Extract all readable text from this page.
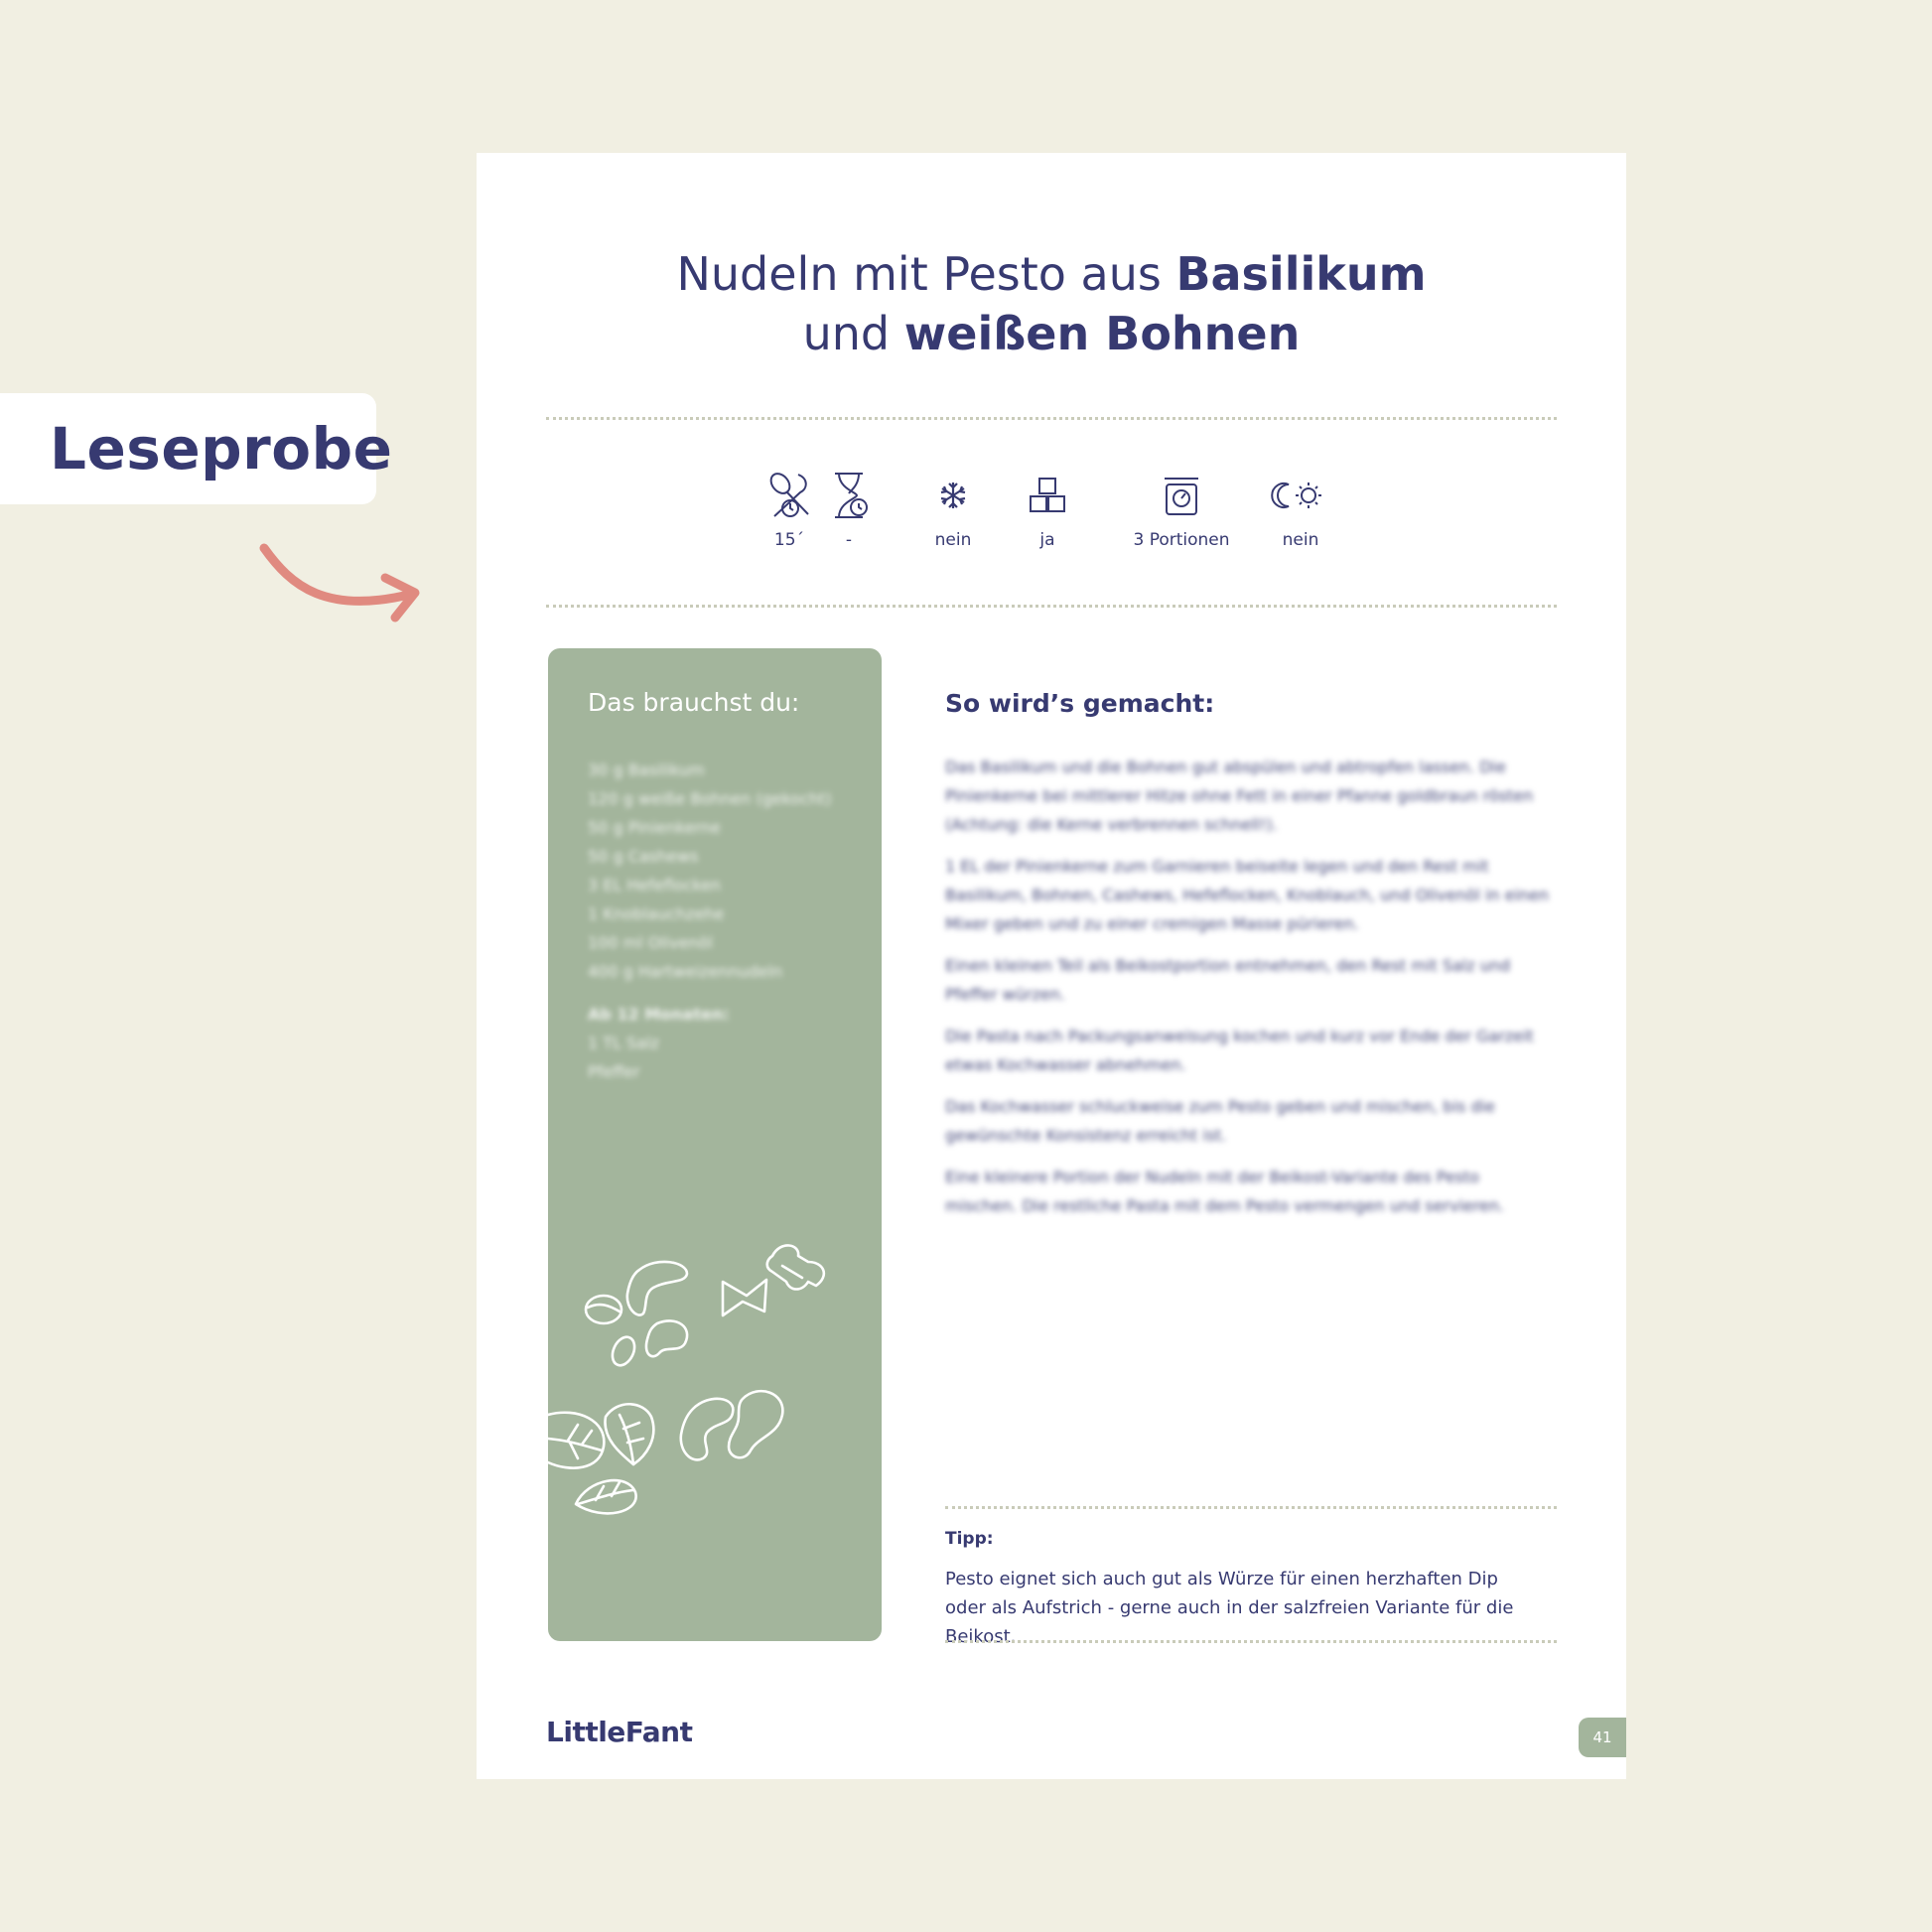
Leseprobe
Nudeln mit Pesto aus Basilikum
und weißen Bohnen
15´	-	nein	ja	3 Portionen	nein
Das brauchst du:
30 g Basilikum
120 g weiße Bohnen (gekocht)
50 g Pinienkerne
50 g Cashews
3 EL Hefeflocken
1 Knoblauchzehe
100 ml Olivenöl
400 g Hartweizennudeln
Ab 12 Monaten:
1 TL Salz
Pfeffer
So wird’s gemacht:

Das Basilikum und die Bohnen gut abspülen und abtropfen lassen. Die Pinienkerne bei mittlerer Hitze ohne Fett in einer Pfanne goldbraun rösten (Achtung: die Kerne verbrennen schnell!).

1 EL der Pinienkerne zum Garnieren beiseite legen und den Rest mit Basilikum, Bohnen, Cashews, Hefeflocken, Knoblauch, und Olivenöl in einen Mixer geben und zu einer cremigen Masse pürieren.

Einen kleinen Teil als Beikostportion entnehmen, den Rest mit Salz und Pfeffer würzen.

Die Pasta nach Packungsanweisung kochen und kurz vor Ende der Garzeit etwas Kochwasser abnehmen.

Das Kochwasser schluckweise zum Pesto geben und mischen, bis die gewünschte Konsistenz erreicht ist.

Eine kleinere Portion der Nudeln mit der Beikost-Variante des Pesto mischen. Die restliche Pasta mit dem Pesto vermengen und servieren.

Tipp:
Pesto eignet sich auch gut als Würze für einen herzhaften Dip oder als Aufstrich - gerne auch in der salzfreien Variante für die Beikost.
LittleFant	41
